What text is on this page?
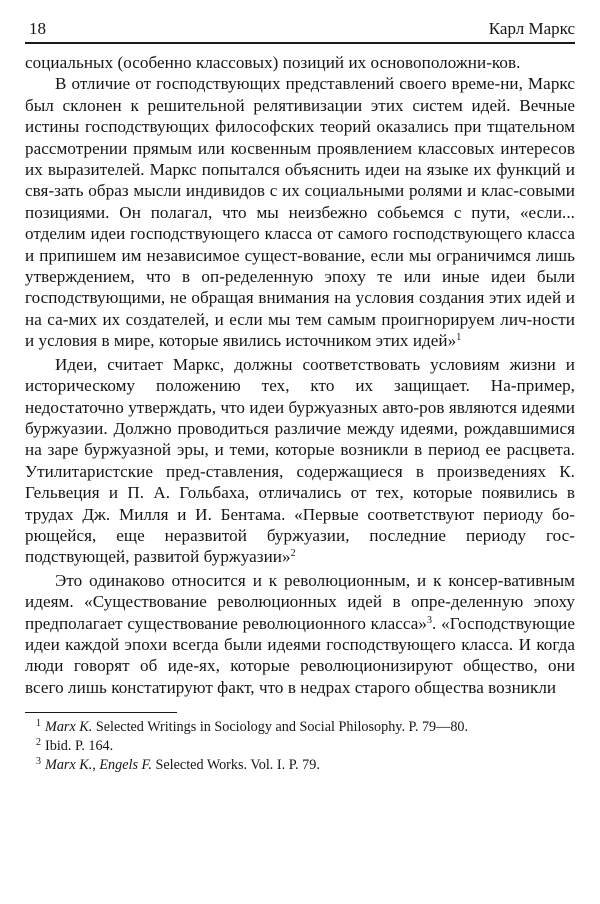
18	Карл Маркс

социальных (особенно классовых) позиций их основоположни-ков.

В отличие от господствующих представлений своего време-ни, Маркс был склонен к решительной релятивизации этих систем идей. Вечные истины господствующих философских теорий оказались при тщательном рассмотрении прямым или косвенным проявлением классовых интересов их выразителей. Маркс попытался объяснить идеи на языке их функций и свя-зать образ мысли индивидов с их социальными ролями и клас-совыми позициями. Он полагал, что мы неизбежно собьемся с пути, «если... отделим идеи господствующего класса от самого господствующего класса и припишем им независимое сущест-вование, если мы ограничимся лишь утверждением, что в оп-ределенную эпоху те или иные идеи были господствующими, не обращая внимания на условия создания этих идей и на са-мих их создателей, и если мы тем самым проигнорируем лич-ности и условия в мире, которые явились источником этих идей»$^1$

Идеи, считает Маркс, должны соответствовать условиям жизни и историческому положению тех, кто их защищает. На-пример, недостаточно утверждать, что идеи буржуазных авто-ров являются идеями буржуазии. Должно проводиться различие между идеями, рождавшимися на заре буржуазной эры, и теми, которые возникли в период ее расцвета. Утилитаристские пред-ставления, содержащиеся в произведениях К. Гельвеция и П. А. Гольбаха, отличались от тех, которые появились в трудах Дж. Милля и И. Бентама. «Первые соответствуют периоду бо-рющейся, еще неразвитой буржуазии, последние периоду гос-подствующей, развитой буржуазии»$^2$

Это одинаково относится и к революционным, и к консер-вативным идеям. «Существование революционных идей в опре-деленную эпоху предполагает существование революционного класса»$^3$. «Господствующие идеи каждой эпохи всегда были идеями господствующего класса. И когда люди говорят об иде-ях, которые революционизируют общество, они всего лишь констатируют факт, что в недрах старого общества возникли

1 Marx K. Selected Writings in Sociology and Social Philosophy. P. 79—80.

2 Ibid. P. 164.

3 Marx K., Engels F. Selected Works. Vol. I. P. 79.
